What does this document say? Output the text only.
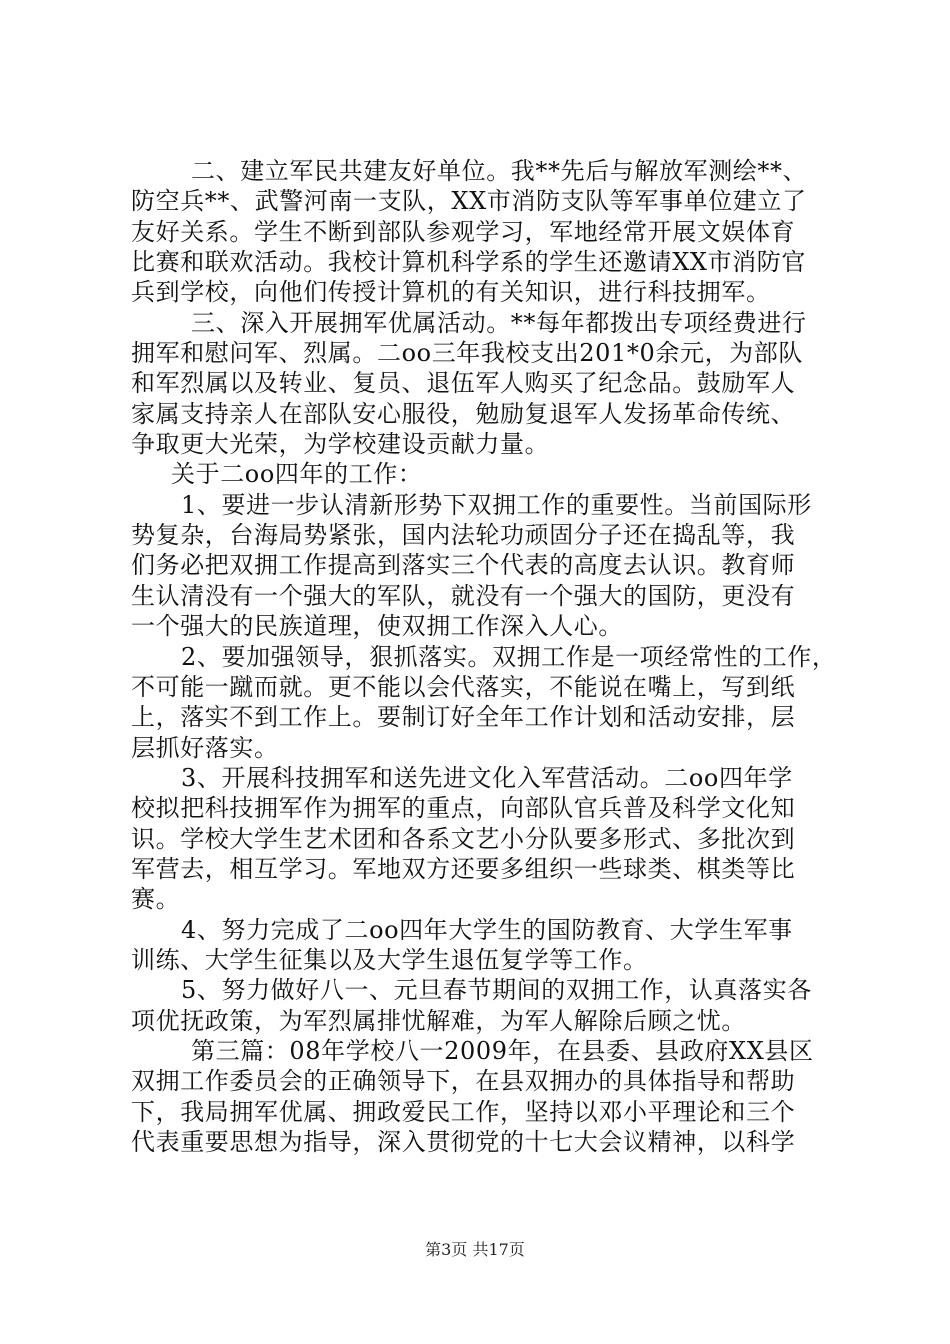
二、建立军民共建友好单位。我**先后与解放军测绘**、
防空兵**、武警河南一支队，XX市消防支队等军事单位建立了
友好关系。学生不断到部队参观学习，军地经常开展文娱体育
比赛和联欢活动。我校计算机科学系的学生还邀请XX市消防官
兵到学校，向他们传授计算机的有关知识，进行科技拥军。
三、深入开展拥军优属活动。**每年都拨出专项经费进行
拥军和慰问军、烈属。二oo三年我校支出201*0余元，为部队
和军烈属以及转业、复员、退伍军人购买了纪念品。鼓励军人
家属支持亲人在部队安心服役，勉励复退军人发扬革命传统、
争取更大光荣，为学校建设贡献力量。
关于二oo四年的工作：
1、要进一步认清新形势下双拥工作的重要性。当前国际形
势复杂，台海局势紧张，国内法轮功顽固分子还在捣乱等，我
们务必把双拥工作提高到落实三个代表的高度去认识。教育师
生认清没有一个强大的军队，就没有一个强大的国防，更没有
一个强大的民族道理，使双拥工作深入人心。
2、要加强领导，狠抓落实。双拥工作是一项经常性的工作，
不可能一蹴而就。更不能以会代落实，不能说在嘴上，写到纸
上，落实不到工作上。要制订好全年工作计划和活动安排，层
层抓好落实。
3、开展科技拥军和送先进文化入军营活动。二oo四年学
校拟把科技拥军作为拥军的重点，向部队官兵普及科学文化知
识。学校大学生艺术团和各系文艺小分队要多形式、多批次到
军营去，相互学习。军地双方还要多组织一些球类、棋类等比
赛。
4、努力完成了二oo四年大学生的国防教育、大学生军事
训练、大学生征集以及大学生退伍复学等工作。
5、努力做好八一、元旦春节期间的双拥工作，认真落实各
项优抚政策，为军烈属排忧解难，为军人解除后顾之忧。
第三篇：08年学校八一2009年，在县委、县政府XX县区
双拥工作委员会的正确领导下，在县双拥办的具体指导和帮助
下，我局拥军优属、拥政爱民工作，坚持以邓小平理论和三个
代表重要思想为指导，深入贯彻党的十七大会议精神，以科学
第3页 共17页
